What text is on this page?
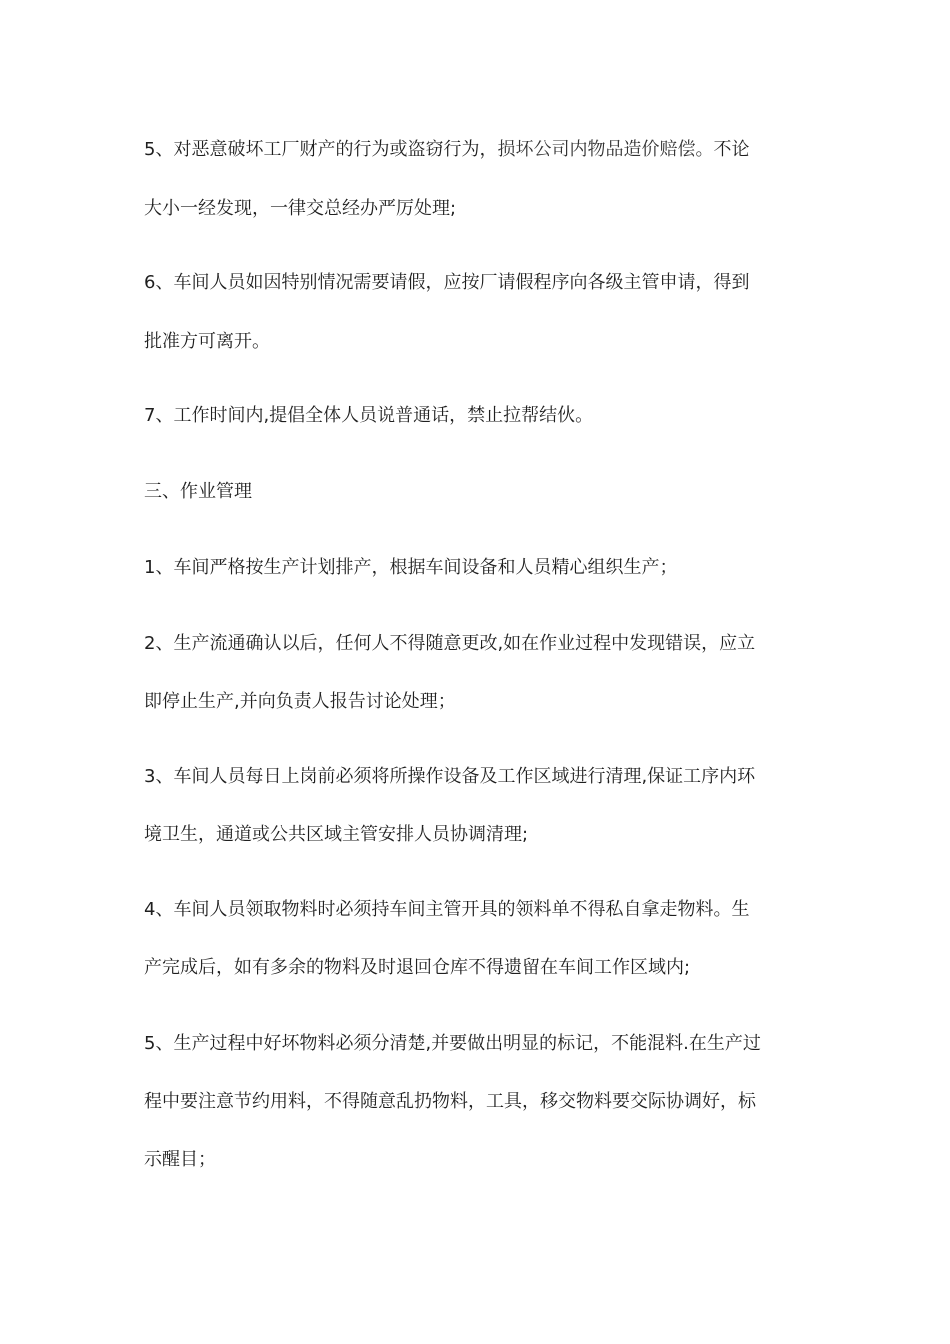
5、对恶意破坏工厂财产的行为或盗窃行为，损坏公司内物品造价赔偿。不论
大小一经发现，一律交总经办严厉处理;
6、车间人员如因特别情况需要请假，应按厂请假程序向各级主管申请，得到
批准方可离开。
7、工作时间内,提倡全体人员说普通话，禁止拉帮结伙。
三、作业管理
1、车间严格按生产计划排产，根据车间设备和人员精心组织生产；
2、生产流通确认以后，任何人不得随意更改,如在作业过程中发现错误，应立
即停止生产,并向负责人报告讨论处理；
3、车间人员每日上岗前必须将所操作设备及工作区域进行清理,保证工序内环
境卫生，通道或公共区域主管安排人员协调清理;
4、车间人员领取物料时必须持车间主管开具的领料单不得私自拿走物料。生
产完成后，如有多余的物料及时退回仓库不得遗留在车间工作区域内;
5、生产过程中好坏物料必须分清楚,并要做出明显的标记，不能混料.在生产过
程中要注意节约用料，不得随意乱扔物料，工具，移交物料要交际协调好，标
示醒目；
